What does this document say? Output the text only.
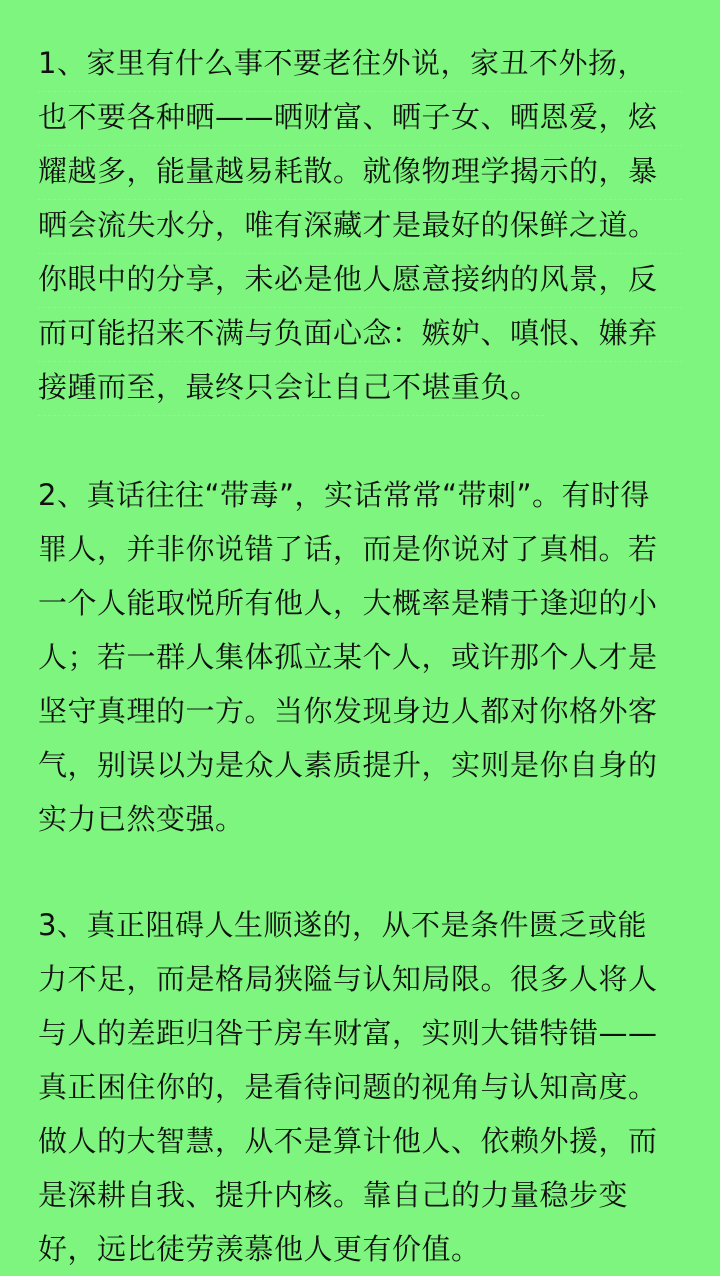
1、家里有什么事不要老往外说，家丑不外扬，
也不要各种晒——晒财富、晒子女、晒恩爱，炫
耀越多，能量越易耗散。就像物理学揭示的，暴
晒会流失水分，唯有深藏才是最好的保鲜之道。
你眼中的分享，未必是他人愿意接纳的风景，反
而可能招来不满与负面心念：嫉妒、嗔恨、嫌弃
接踵而至，最终只会让自己不堪重负。
2、真话往往“带毒”，实话常常“带刺”。有时得
罪人，并非你说错了话，而是你说对了真相。若
一个人能取悦所有他人，大概率是精于逢迎的小
人；若一群人集体孤立某个人，或许那个人才是
坚守真理的一方。当你发现身边人都对你格外客
气，别误以为是众人素质提升，实则是你自身的
实力已然变强。
3、真正阻碍人生顺遂的，从不是条件匮乏或能
力不足，而是格局狭隘与认知局限。很多人将人
与人的差距归咎于房车财富，实则大错特错——
真正困住你的，是看待问题的视角与认知高度。
做人的大智慧，从不是算计他人、依赖外援，而
是深耕自我、提升内核。靠自己的力量稳步变
好，远比徒劳羡慕他人更有价值。
